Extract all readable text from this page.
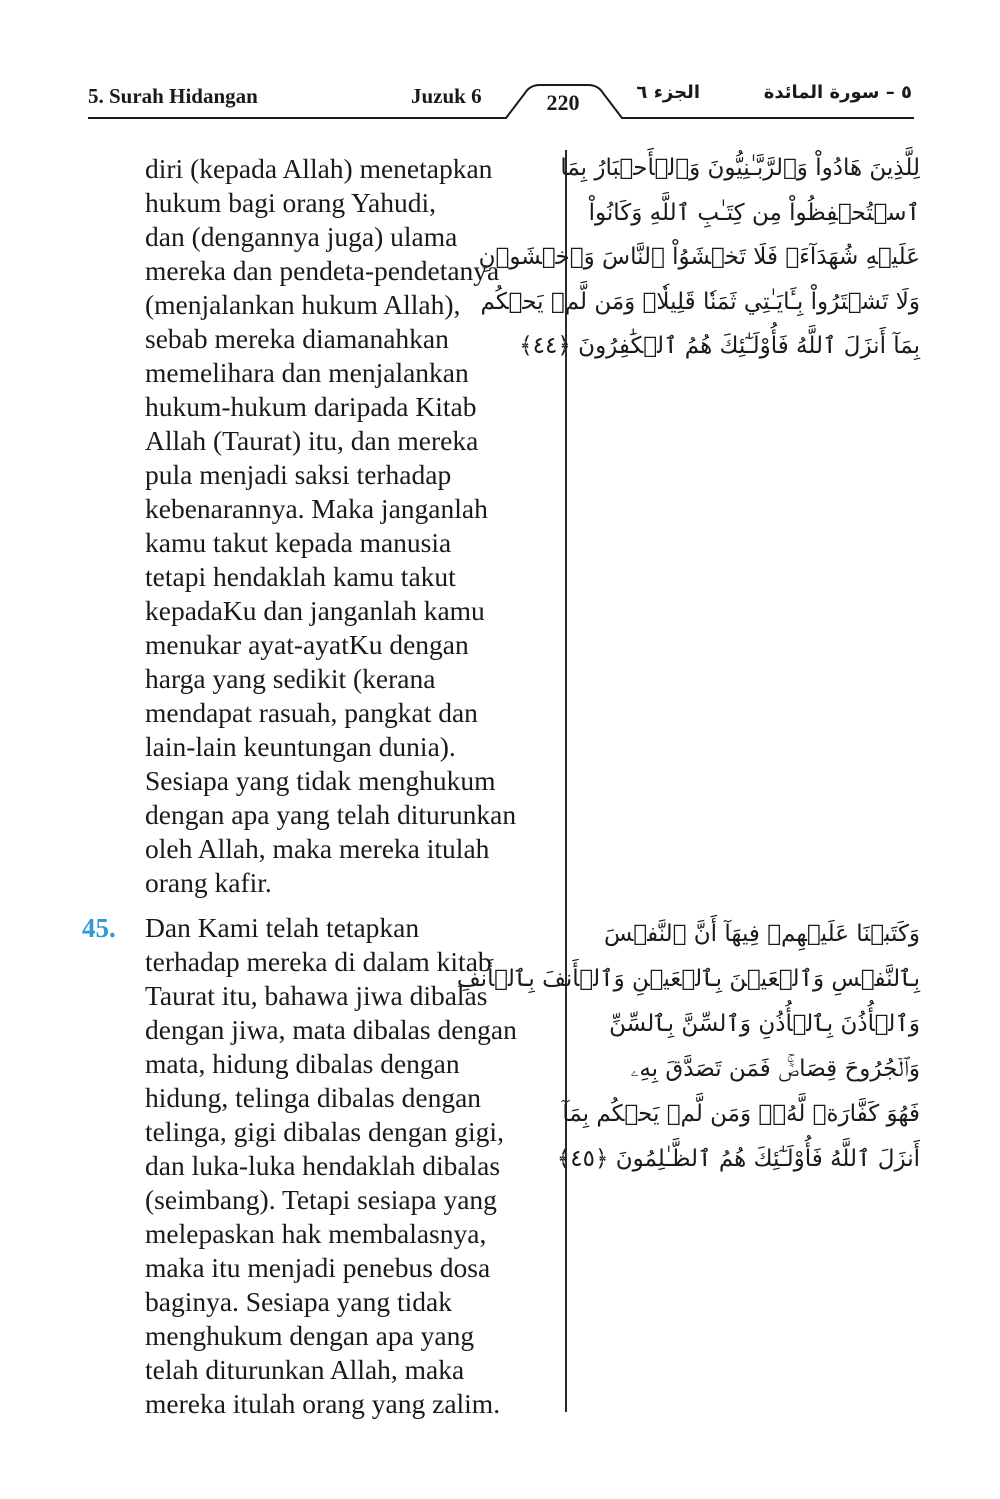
5. Surah Hidangan	Juzuk 6	220	الجزء ٦	٥ – سورة المائدة
diri (kepada Allah) menetapkan
hukum bagi orang Yahudi,
dan (dengannya juga) ulama
mereka dan pendeta-pendetanya
(menjalankan hukum Allah),
sebab mereka diamanahkan
memelihara dan menjalankan
hukum-hukum daripada Kitab
Allah (Taurat) itu, dan mereka
pula menjadi saksi terhadap
kebenarannya. Maka janganlah
kamu takut kepada manusia
tetapi hendaklah kamu takut
kepadaKu dan janganlah kamu
menukar ayat-ayatKu dengan
harga yang sedikit (kerana
mendapat rasuah, pangkat dan
lain-lain keuntungan dunia).
Sesiapa yang tidak menghukum
dengan apa yang telah diturunkan
oleh Allah, maka mereka itulah
orang kafir.
لِلَّذِينَ هَادُواْ وَٱلرَّبَّـٰنِيُّونَ وَٱلۡأَحۡبَارُ بِمَا
ٱسۡتُحۡفِظُواْ مِن كِتَـٰبِ ٱللَّهِ وَكَانُواْ
عَلَيۡهِ شُهَدَآءَۚ فَلَا تَخۡشَوُاْ ٱلنَّاسَ وَٱخۡشَوۡنِ
وَلَا تَشۡتَرُواْ بِـَٔايَـٰتِي ثَمَنٗا قَلِيلٗاۚ وَمَن لَّمۡ يَحۡكُم
بِمَآ أَنزَلَ ٱللَّهُ فَأُوْلَـٰٓئِكَ هُمُ ٱلۡكَٰفِرُونَ ﴿٤٤﴾
45.	Dan Kami telah tetapkan
terhadap mereka di dalam kitab
Taurat itu, bahawa jiwa dibalas
dengan jiwa, mata dibalas dengan
mata, hidung dibalas dengan
hidung, telinga dibalas dengan
telinga, gigi dibalas dengan gigi,
dan luka-luka hendaklah dibalas
(seimbang). Tetapi sesiapa yang
melepaskan hak membalasnya,
maka itu menjadi penebus dosa
baginya. Sesiapa yang tidak
menghukum dengan apa yang
telah diturunkan Allah, maka
mereka itulah orang yang zalim.
وَكَتَبۡنَا عَلَيۡهِمۡ فِيهَآ أَنَّ ٱلنَّفۡسَ
بِٱلنَّفۡسِ وَٱلۡعَيۡنَ بِٱلۡعَيۡنِ وَٱلۡأَنفَ بِٱلۡأَنفِ
وَٱلۡأُذُنَ بِٱلۡأُذُنِ وَٱلسِّنَّ بِٱلسِّنِّ
وَٱلۡجُرُوحَ قِصَاصٞۚ فَمَن تَصَدَّقَ بِهِۦ
فَهُوَ كَفَّارَةٞ لَّهُۥۚ وَمَن لَّمۡ يَحۡكُم بِمَآ
أَنزَلَ ٱللَّهُ فَأُوْلَـٰٓئِكَ هُمُ ٱلظَّـٰلِمُونَ ﴿٤٥﴾
